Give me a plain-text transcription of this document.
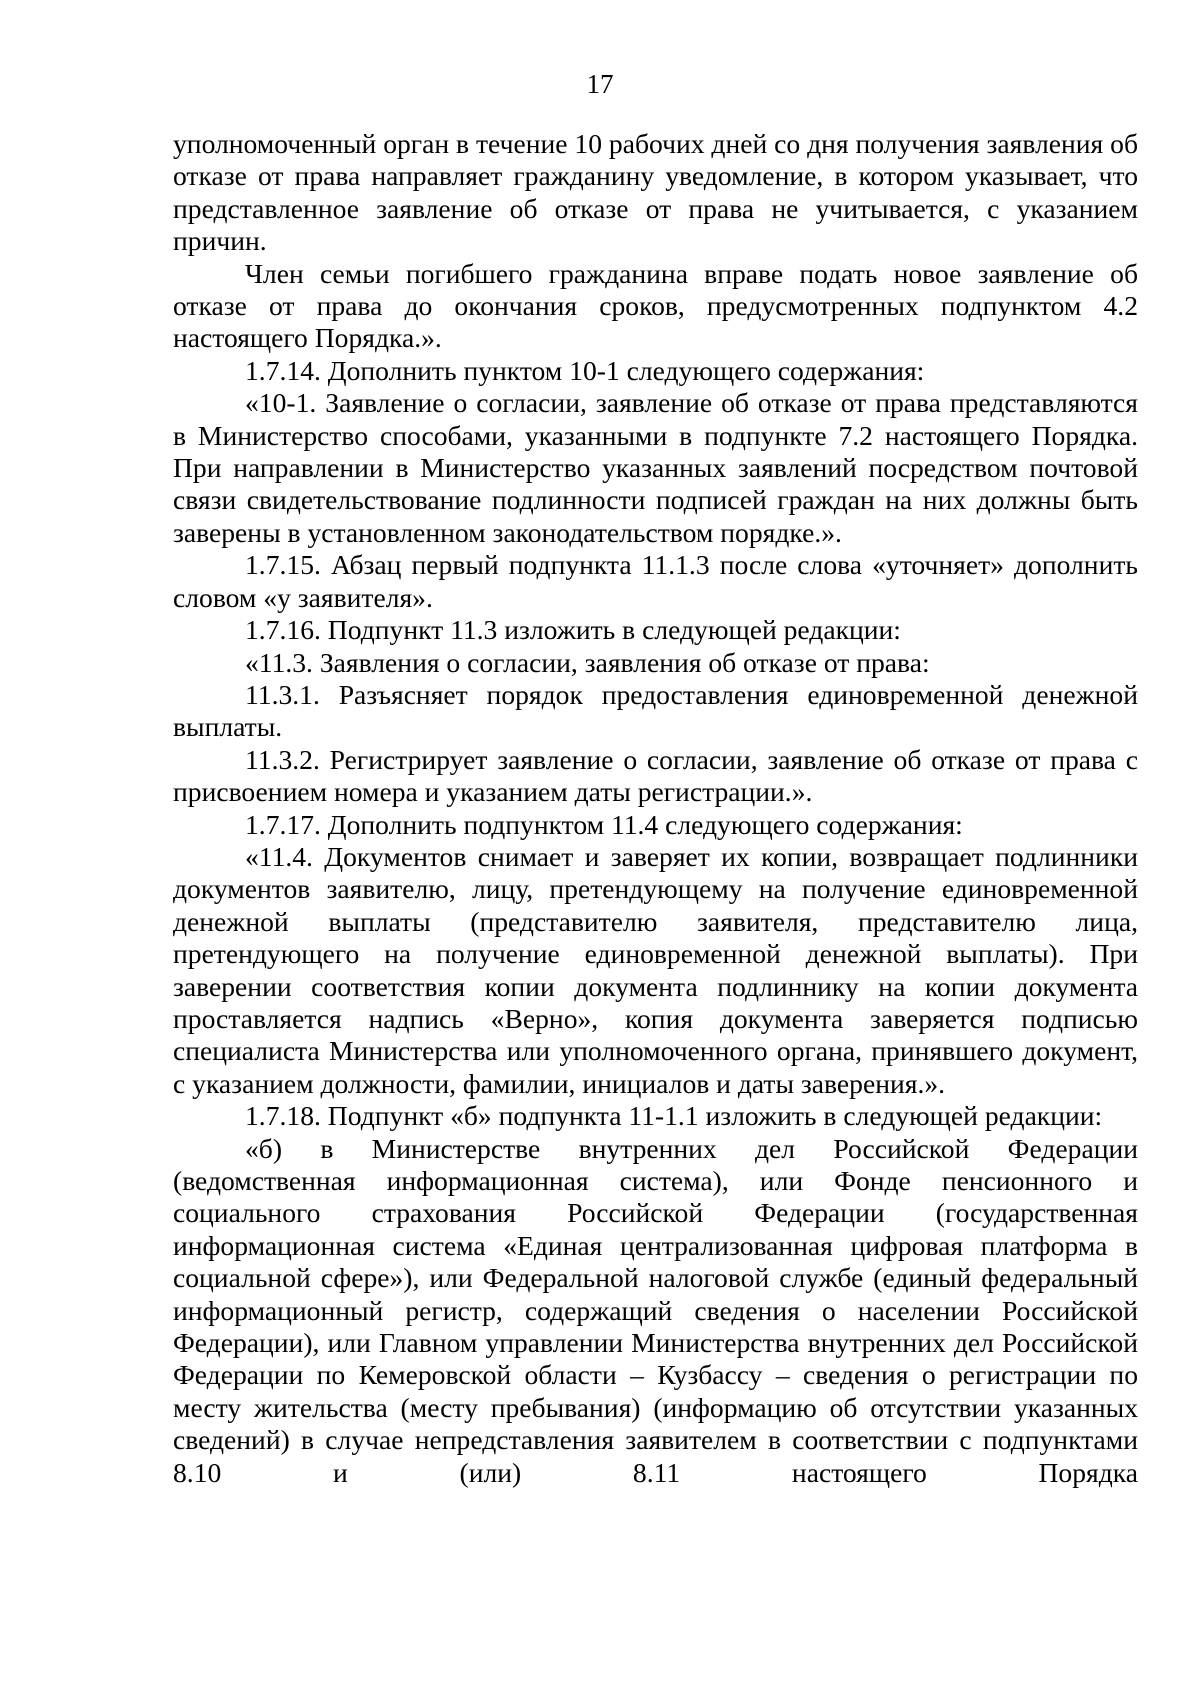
17

уполномоченный орган в течение 10 рабочих дней со дня получения заявления об отказе от права направляет гражданину уведомление, в котором указывает, что представленное заявление об отказе от права не учитывается, с указанием причин.

Член семьи погибшего гражданина вправе подать новое заявление об отказе от права до окончания сроков, предусмотренных подпунктом 4.2 настоящего Порядка.».

1.7.14. Дополнить пунктом 10-1 следующего содержания:

«10-1. Заявление о согласии, заявление об отказе от права представляются в Министерство способами, указанными в подпункте 7.2 настоящего Порядка. При направлении в Министерство указанных заявлений посредством почтовой связи свидетельствование подлинности подписей граждан на них должны быть заверены в установленном законодательством порядке.».

1.7.15. Абзац первый подпункта 11.1.3 после слова «уточняет» дополнить словом «у заявителя».

1.7.16. Подпункт 11.3 изложить в следующей редакции:

«11.3. Заявления о согласии, заявления об отказе от права:

11.3.1. Разъясняет порядок предоставления единовременной денежной выплаты.

11.3.2. Регистрирует заявление о согласии, заявление об отказе от права с присвоением номера и указанием даты регистрации.».

1.7.17. Дополнить подпунктом 11.4 следующего содержания:

«11.4. Документов снимает и заверяет их копии, возвращает подлинники документов заявителю, лицу, претендующему на получение единовременной денежной выплаты (представителю заявителя, представителю лица, претендующего на получение единовременной денежной выплаты). При заверении соответствия копии документа подлиннику на копии документа проставляется надпись «Верно», копия документа заверяется подписью специалиста Министерства или уполномоченного органа, принявшего документ, с указанием должности, фамилии, инициалов и даты заверения.».

1.7.18. Подпункт «б» подпункта 11-1.1 изложить в следующей редакции:

«б) в Министерстве внутренних дел Российской Федерации (ведомственная информационная система), или Фонде пенсионного и социального страхования Российской Федерации (государственная информационная система «Единая централизованная цифровая платформа в социальной сфере»), или Федеральной налоговой службе (единый федеральный информационный регистр, содержащий сведения о населении Российской Федерации), или Главном управлении Министерства внутренних дел Российской Федерации по Кемеровской области – Кузбассу – сведения о регистрации по месту жительства (месту пребывания) (информацию об отсутствии указанных сведений) в случае непредставления заявителем в соответствии с подпунктами 8.10 и (или) 8.11 настоящего Порядка
